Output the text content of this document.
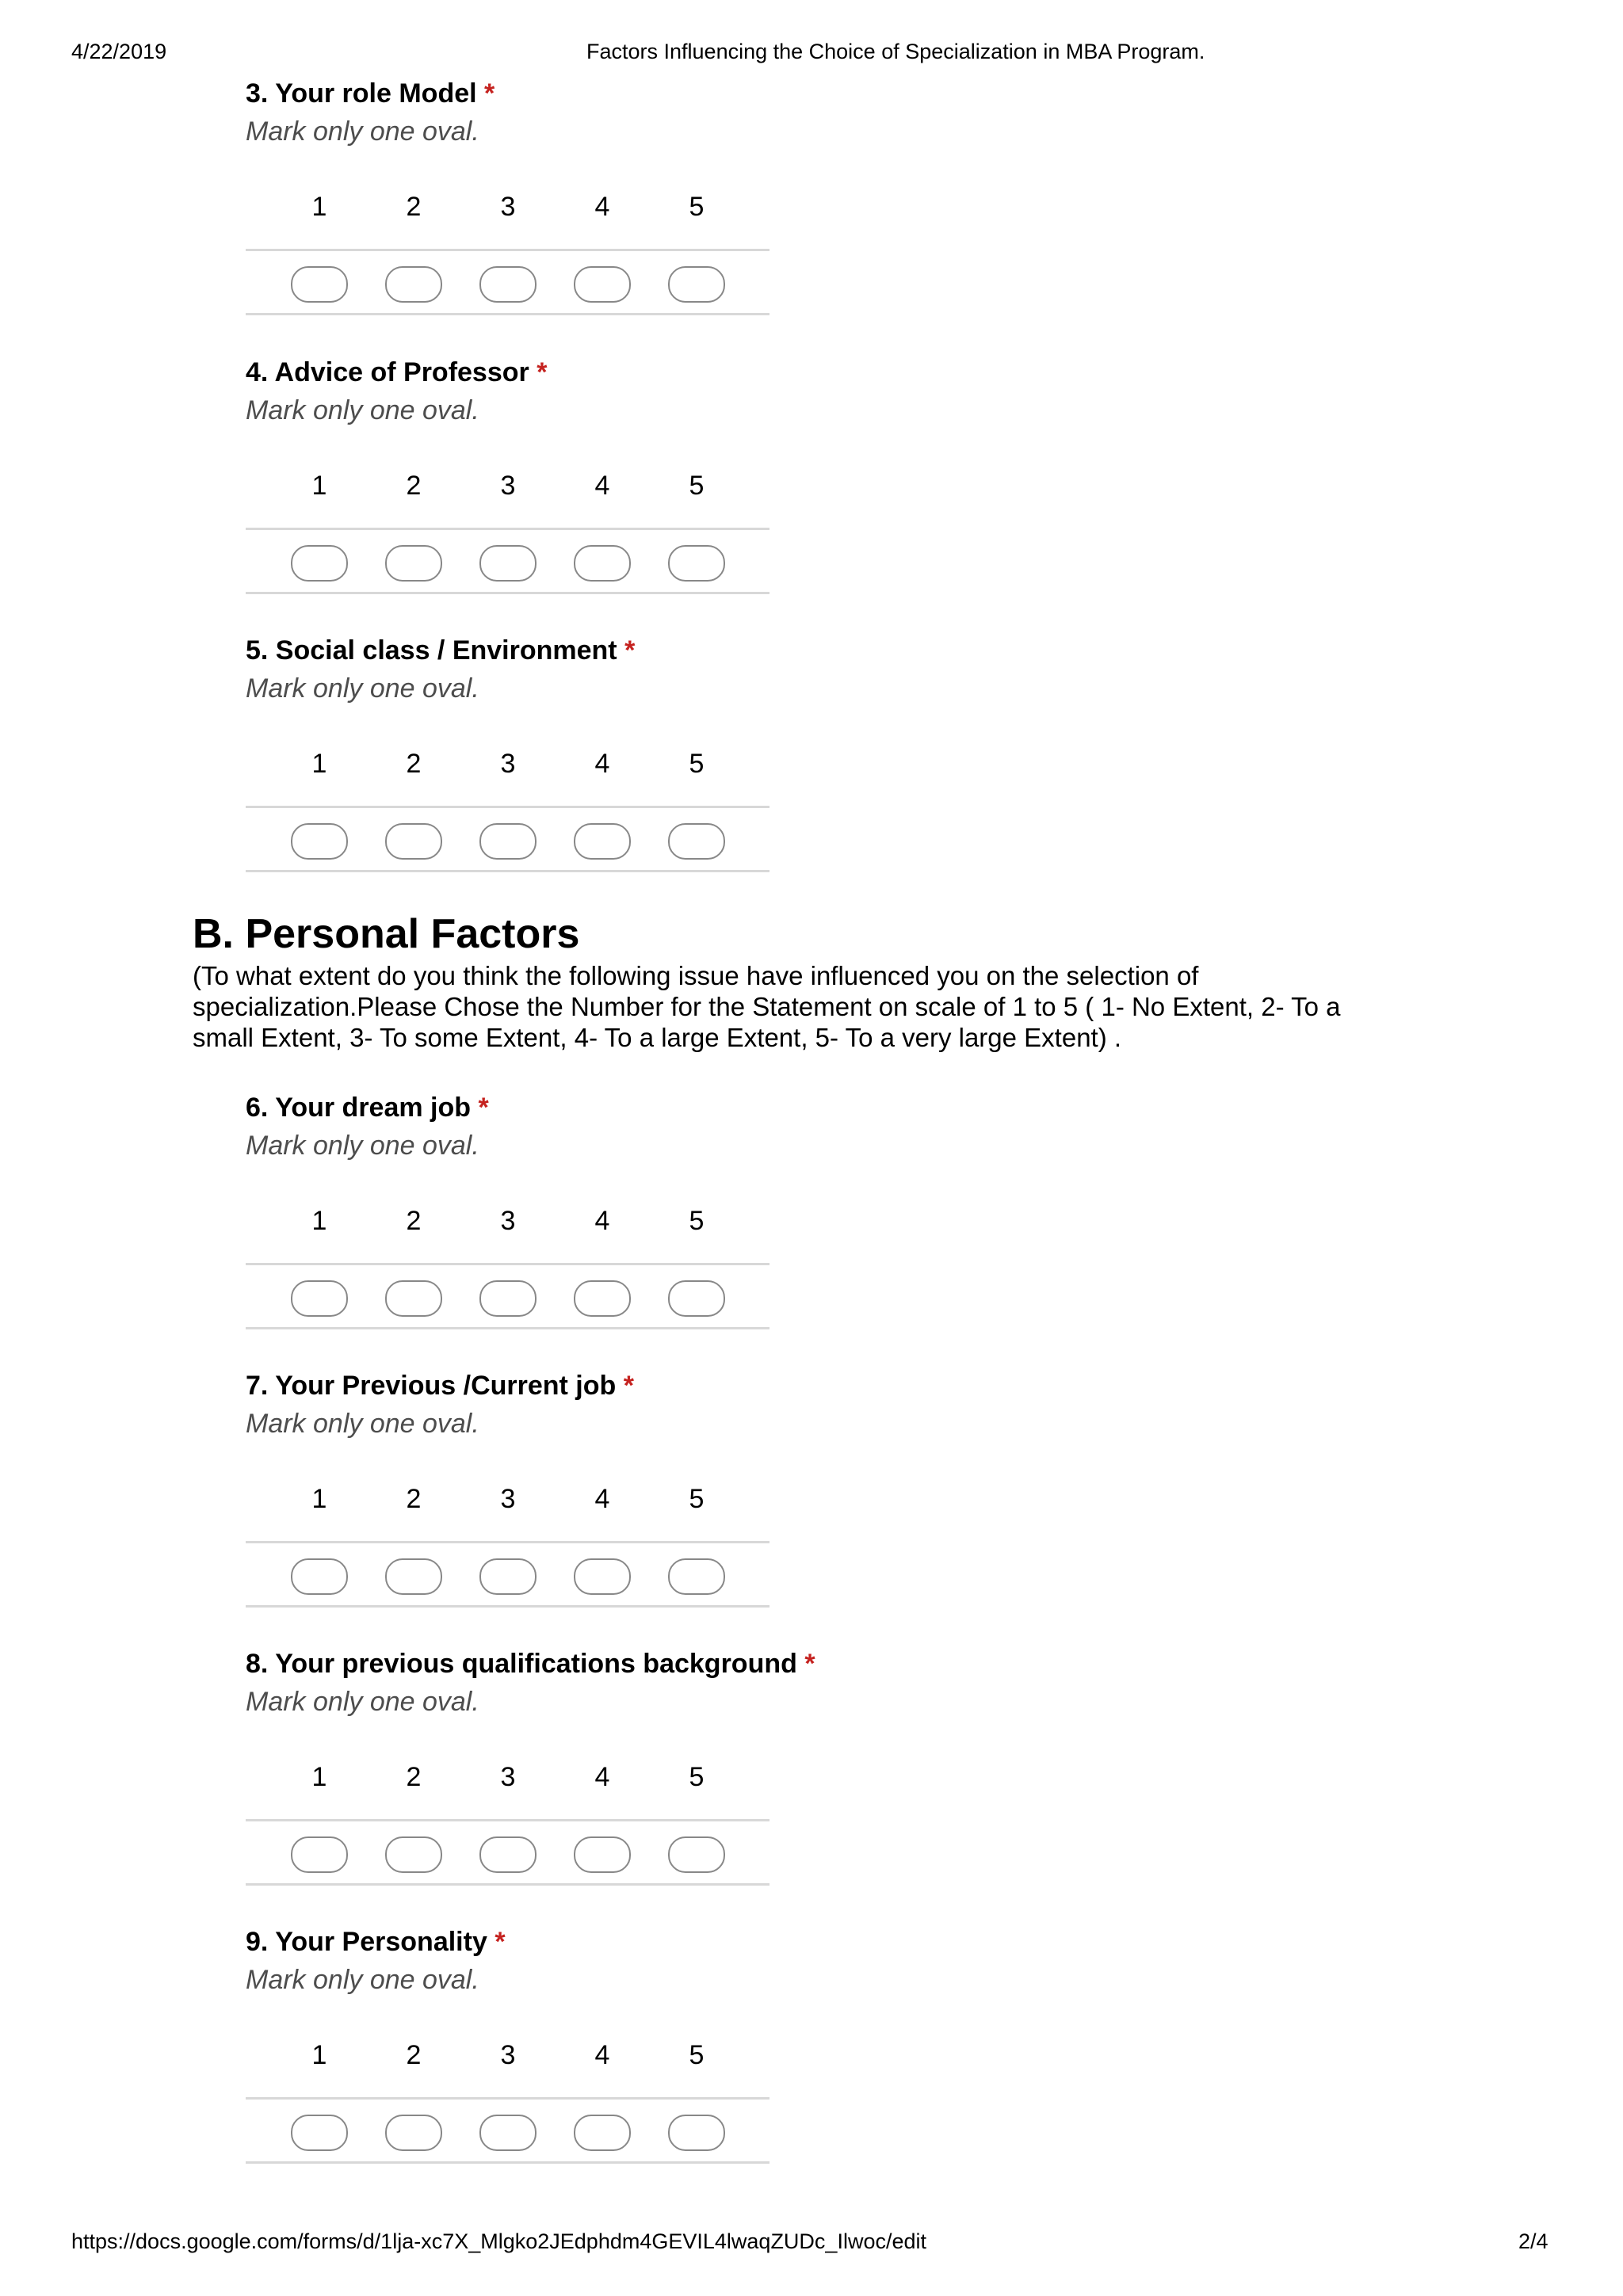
4/22/2019	Factors Influencing the Choice of Specialization in MBA Program.
3. Your role Model *
Mark only one oval.
1	2	3	4	5
4. Advice of Professor *
Mark only one oval.
1	2	3	4	5
5. Social class / Environment *
Mark only one oval.
1	2	3	4	5
B. Personal Factors
(To what extent do you think the following issue have influenced you on the selection of specialization.Please Chose the Number for the Statement on scale of 1 to 5 ( 1- No Extent, 2- To a small Extent, 3- To some Extent, 4- To a large Extent, 5- To a very large Extent) .
6. Your dream job *
Mark only one oval.
1	2	3	4	5
7. Your Previous /Current job *
Mark only one oval.
1	2	3	4	5
8. Your previous qualifications background *
Mark only one oval.
1	2	3	4	5
9. Your Personality *
Mark only one oval.
1	2	3	4	5
https://docs.google.com/forms/d/1lja-xc7X_Mlgko2JEdphdm4GEVIL4lwaqZUDc_Ilwoc/edit	2/4
